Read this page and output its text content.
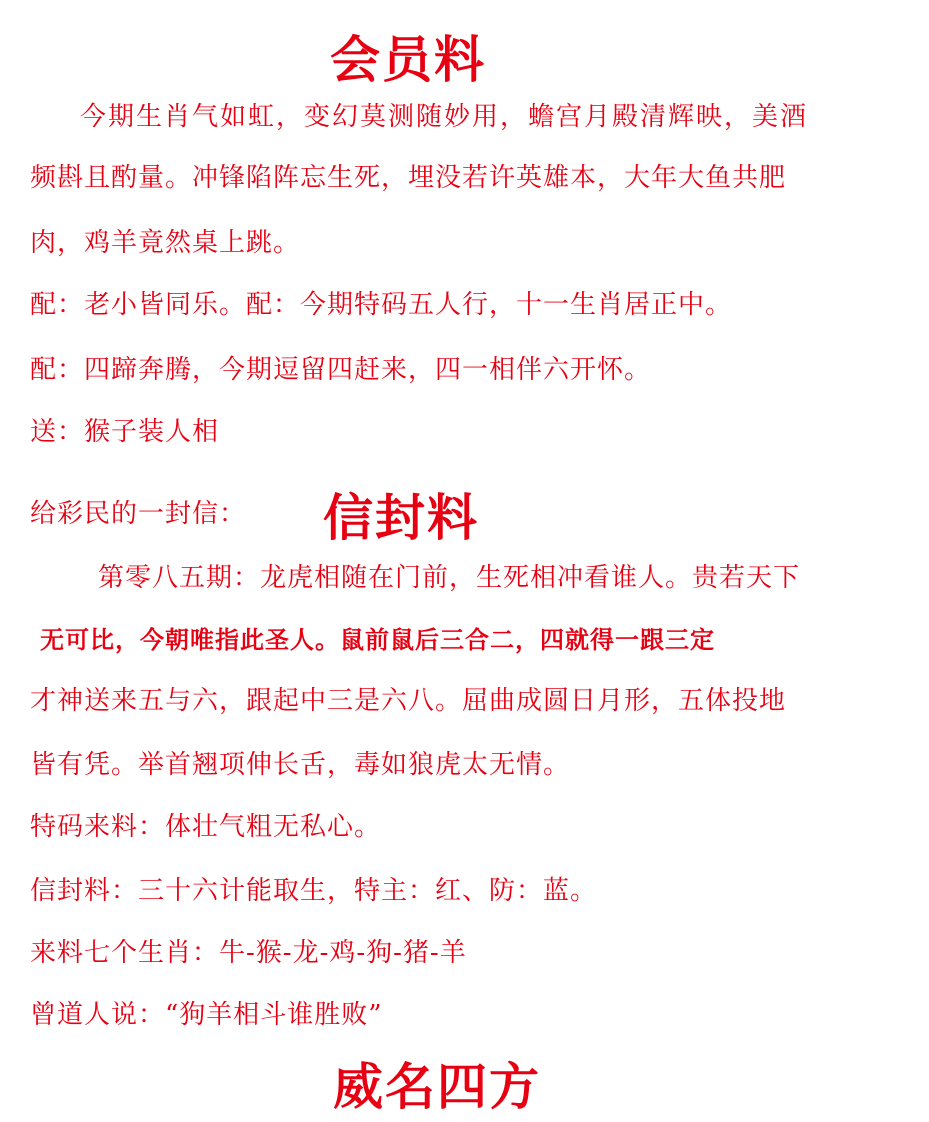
会员料
今期生肖气如虹，变幻莫测随妙用，蟾宫月殿清辉映，美酒
频斟且酌量。冲锋陷阵忘生死，埋没若许英雄本，大年大鱼共肥
肉，鸡羊竟然桌上跳。
配：老小皆同乐。配：今期特码五人行，十一生肖居正中。
配：四蹄奔腾，今期逗留四赶来，四一相伴六开怀。
送：猴子装人相
给彩民的一封信： 信封料
第零八五期：龙虎相随在门前，生死相冲看谁人。贵若天下
无可比，今朝唯指此圣人。鼠前鼠后三合二，四就得一跟三定
才神送来五与六，跟起中三是六八。屈曲成圆日月形，五体投地
皆有凭。举首翘项伸长舌，毒如狼虎太无情。
特码来料：体壮气粗无私心。
信封料：三十六计能取生，特主：红、防：蓝。
来料七个生肖：牛-猴-龙-鸡-狗-猪-羊
曾道人说：“狗羊相斗谁胜败”
威名四方
